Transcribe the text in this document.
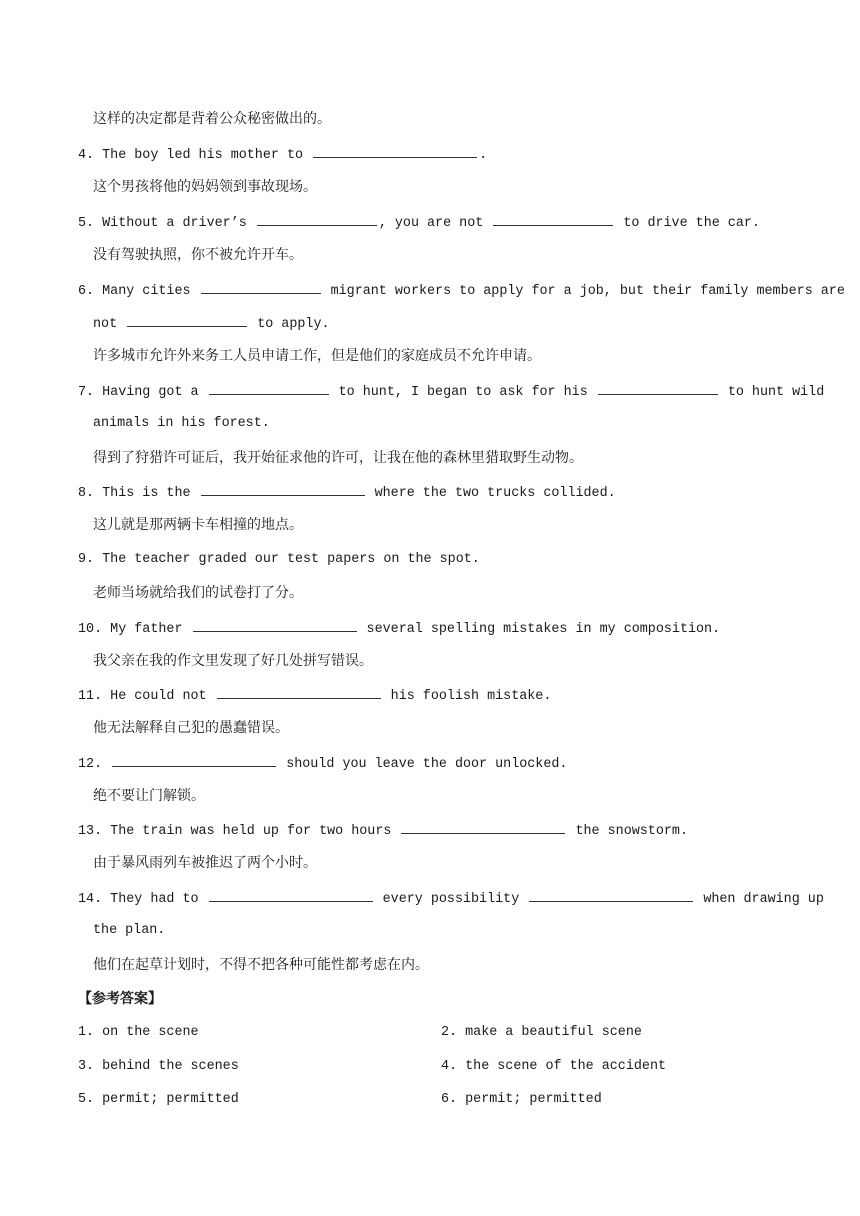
这样的决定都是背着公众秘密做出的。
4. The boy led his mother to	.
这个男孩将他的妈妈领到事故现场。
5. Without a driver’s	, you are not	to drive the car.
没有驾驶执照，你不被允许开车。
6. Many cities	migrant workers to apply for a job, but their family members are
not	to apply.
许多城市允许外来务工人员申请工作，但是他们的家庭成员不允许申请。
7. Having got a	to hunt, I began to ask for his	to hunt wild
animals in his forest.
得到了狩猎许可证后，我开始征求他的许可，让我在他的森林里猎取野生动物。
8. This is the	where the two trucks collided.
这儿就是那两辆卡车相撞的地点。
9. The teacher graded our test papers on the spot.
老师当场就给我们的试卷打了分。
10. My father	several spelling mistakes in my composition.
我父亲在我的作文里发现了好几处拼写错误。
11. He could not	his foolish mistake.
他无法解释自己犯的愚蠢错误。
12.	should you leave the door unlocked.
绝不要让门解锁。
13. The train was held up for two hours	the snowstorm.
由于暴风雨列车被推迟了两个小时。
14. They had to	every possibility	when drawing up
the plan.
他们在起草计划时，不得不把各种可能性都考虑在内。
【参考答案】
1. on the scene	2. make a beautiful scene
3. behind the scenes	4. the scene of the accident
5. permit; permitted	6. permit; permitted
